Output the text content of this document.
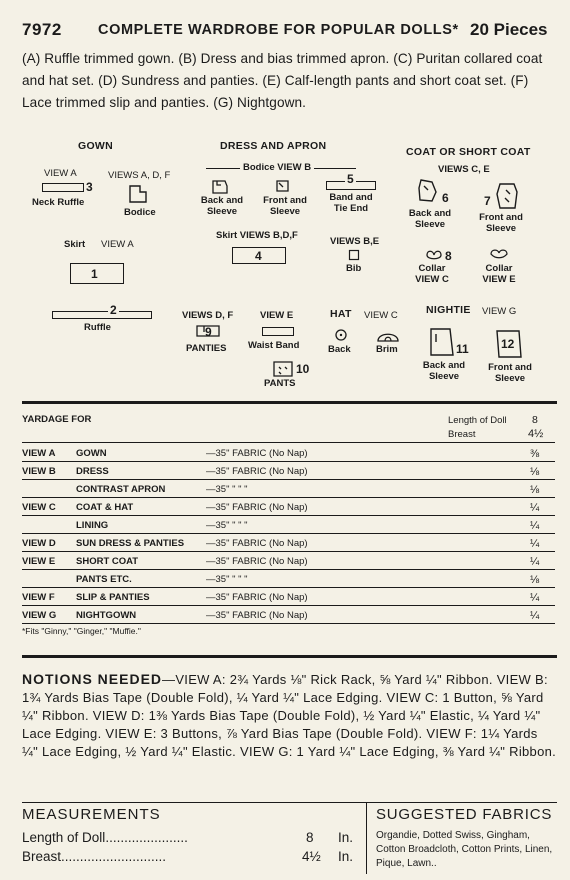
7972 COMPLETE WARDROBE FOR POPULAR DOLLS* 20 Pieces
(A) Ruffle trimmed gown. (B) Dress and bias trimmed apron. (C) Puritan collared coat and hat set. (D) Sundress and panties. (E) Calf-length pants and short coat set. (F) Lace trimmed slip and panties. (G) Nightgown.
GOWN
VIEW A	VIEWS A, D, F
3
Neck Ruffle
Bodice
Skirt VIEW A
1
2
Ruffle
DRESS AND APRON
Bodice VIEW B
Back and Sleeve
Front and Sleeve
5
Band and Tie End
Skirt VIEWS B,D,F
4
VIEWS B,E
Bib
COAT OR SHORT COAT
VIEWS C, E
6
Back and Sleeve
7
Front and Sleeve
8
Collar VIEW C
Collar VIEW E
VIEWS D, F
9
PANTIES
VIEW E
Waist Band
10
PANTS
HAT VIEW C
Back	Brim
NIGHTIE VIEW G
11
Back and Sleeve
12
Front and Sleeve
YARDAGE FOR	Length of Doll 8
Breast	4½
VIEW A GOWN	—35" FABRIC (No Nap)	⅜
VIEW B DRESS	—35" FABRIC (No Nap)	⅛
CONTRAST APRON	—35" " " "	⅛
VIEW C COAT & HAT	—35" FABRIC (No Nap)	¼
LINING	—35" " " "	¼
VIEW D SUN DRESS & PANTIES —35" FABRIC (No Nap)	¼
VIEW E SHORT COAT	—35" FABRIC (No Nap)	¼
PANTS ETC.	—35" " " "	⅛
VIEW F SLIP & PANTIES	—35" FABRIC (No Nap)	¼
VIEW G NIGHTGOWN	—35" FABRIC (No Nap)	¼
*Fits "Ginny," "Ginger," "Muffie."
NOTIONS NEEDED—VIEW A: 2¾ Yards ⅛" Rick Rack, ⅝ Yard ¼" Ribbon. VIEW B: 1¾ Yards Bias Tape (Double Fold), ¼ Yard ¼" Lace Edging. VIEW C: 1 Button, ⅝ Yard ¼" Ribbon. VIEW D: 1⅜ Yards Bias Tape (Double Fold), ½ Yard ¼" Elastic, ¼ Yard ¼" Lace Edging. VIEW E: 3 Buttons, ⅞ Yard Bias Tape (Double Fold). VIEW F: 1¼ Yards ¼" Lace Edging, ½ Yard ¼" Elastic. VIEW G: 1 Yard ¼" Lace Edging, ⅜ Yard ¼" Ribbon.
MEASUREMENTS
Length of Doll......................	8 In.
Breast............................	4½ In.
SUGGESTED FABRICS
Organdie, Dotted Swiss, Gingham, Cotton Broadcloth, Cotton Prints, Linen, Pique, Lawn..
